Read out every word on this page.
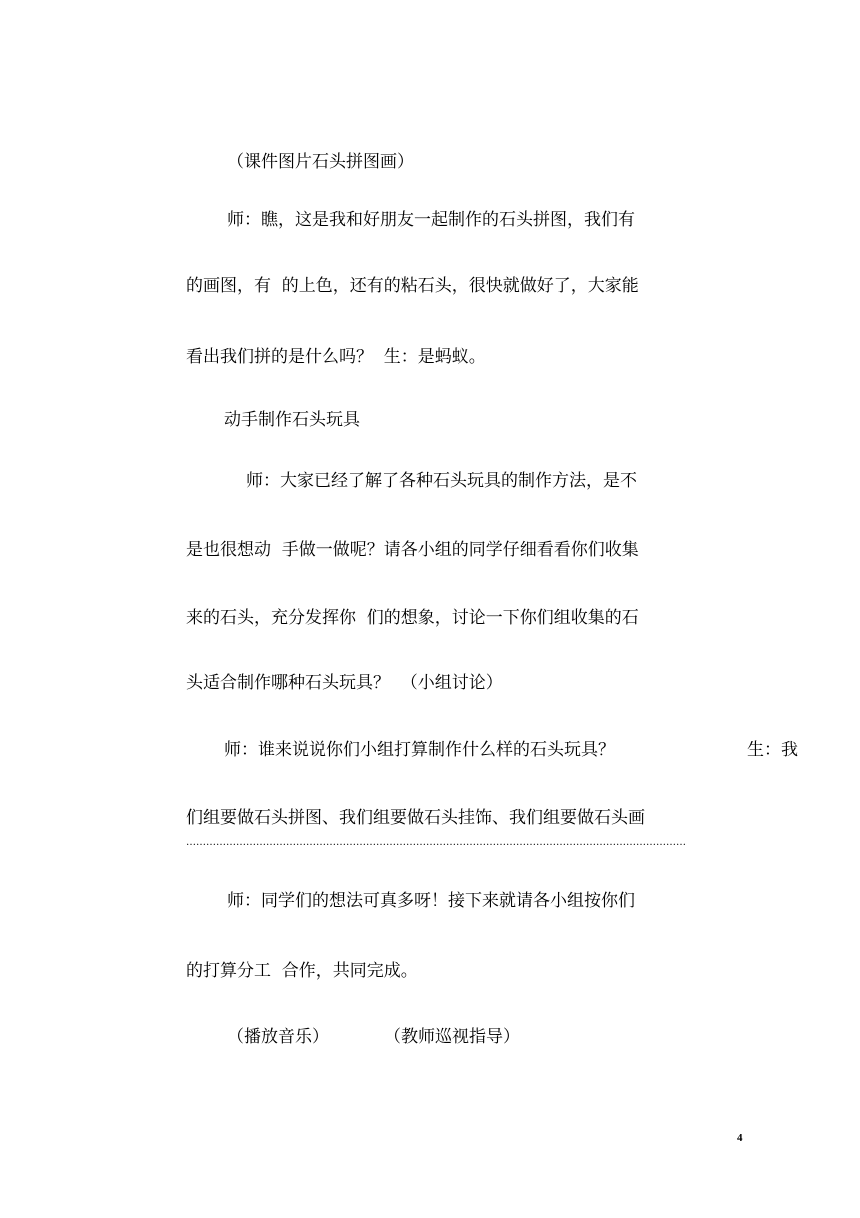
（课件图片石头拼图画）
师：瞧，这是我和好朋友一起制作的石头拼图，我们有
的画图，有  的上色，还有的粘石头，很快就做好了，大家能
看出我们拼的是什么吗？  生：是蚂蚁。
动手制作石头玩具
师：大家已经了解了各种石头玩具的制作方法，是不
是也很想动  手做一做呢？请各小组的同学仔细看看你们收集
来的石头，充分发挥你  们的想象，讨论一下你们组收集的石
头适合制作哪种石头玩具？  （小组讨论）
师：谁来说说你们小组打算制作什么样的石头玩具？	生：我
们组要做石头拼图、我们组要做石头挂饰、我们组要做石头画
……………………………………………………………………………………………………………………………………
师：同学们的想法可真多呀！接下来就请各小组按你们
的打算分工  合作，共同完成。
（播放音乐）	（教师巡视指导）
4
